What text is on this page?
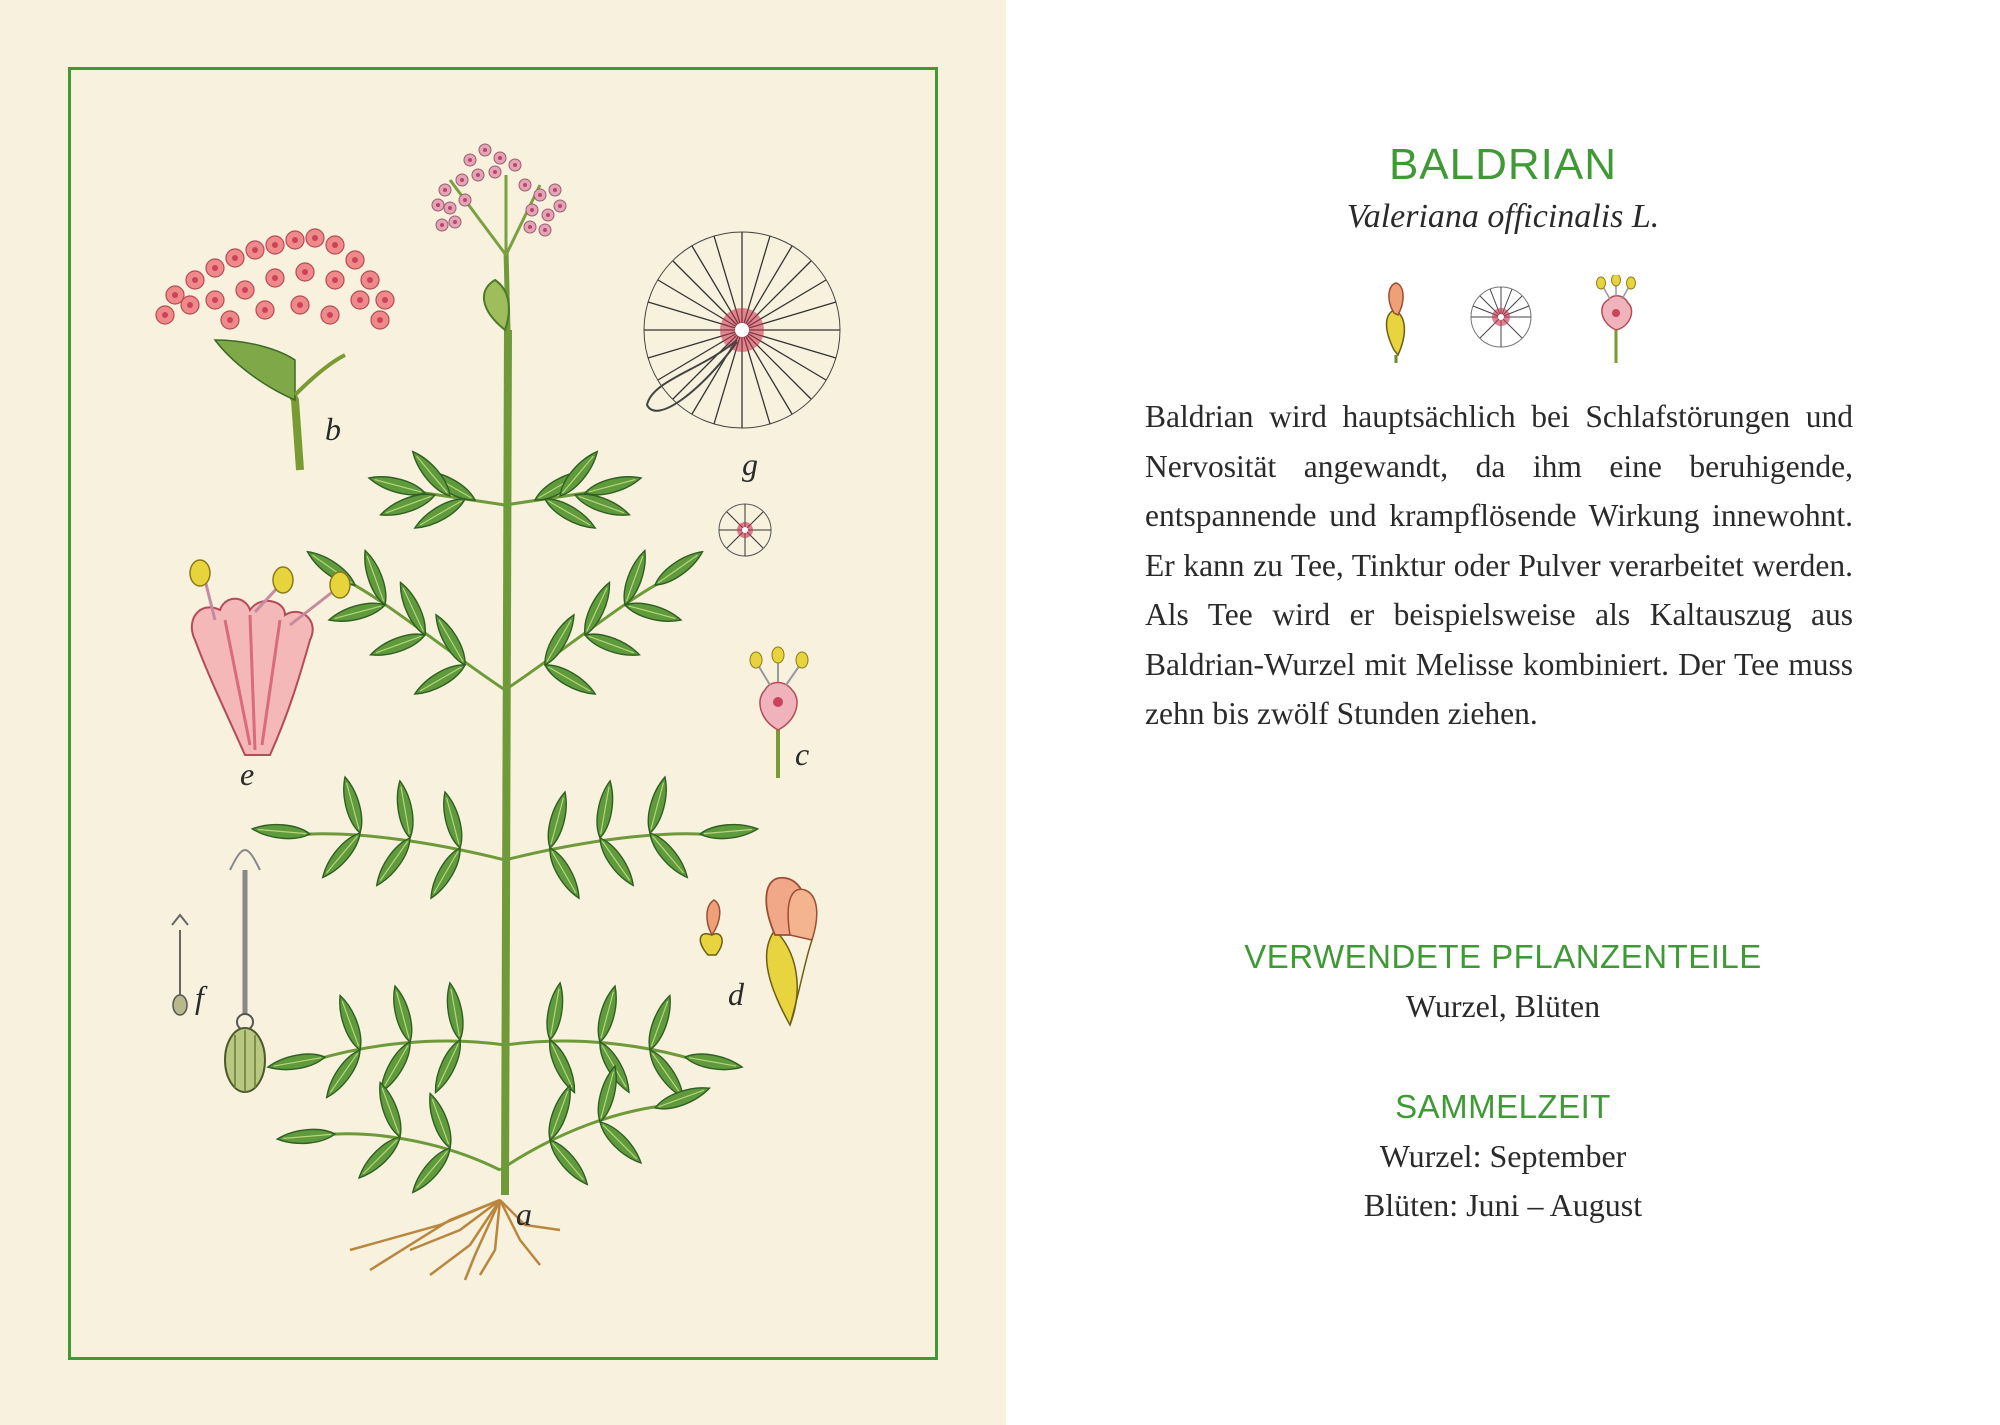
a
b
e
f
g
c
d
BALDRIAN

Valeriana officinalis L.

Baldrian wird hauptsächlich bei Schlafstörungen und Nervosität angewandt, da ihm eine beruhigende, entspannende und krampflösende Wirkung innewohnt. Er kann zu Tee, Tinktur oder Pulver verarbeitet werden. Als Tee wird er beispielsweise als Kaltauszug aus Baldrian-Wurzel mit Melisse kombiniert. Der Tee muss zehn bis zwölf Stunden ziehen.

VERWENDETE PFLANZENTEILE

Wurzel, Blüten

SAMMELZEIT

Wurzel: September

Blüten: Juni – August
